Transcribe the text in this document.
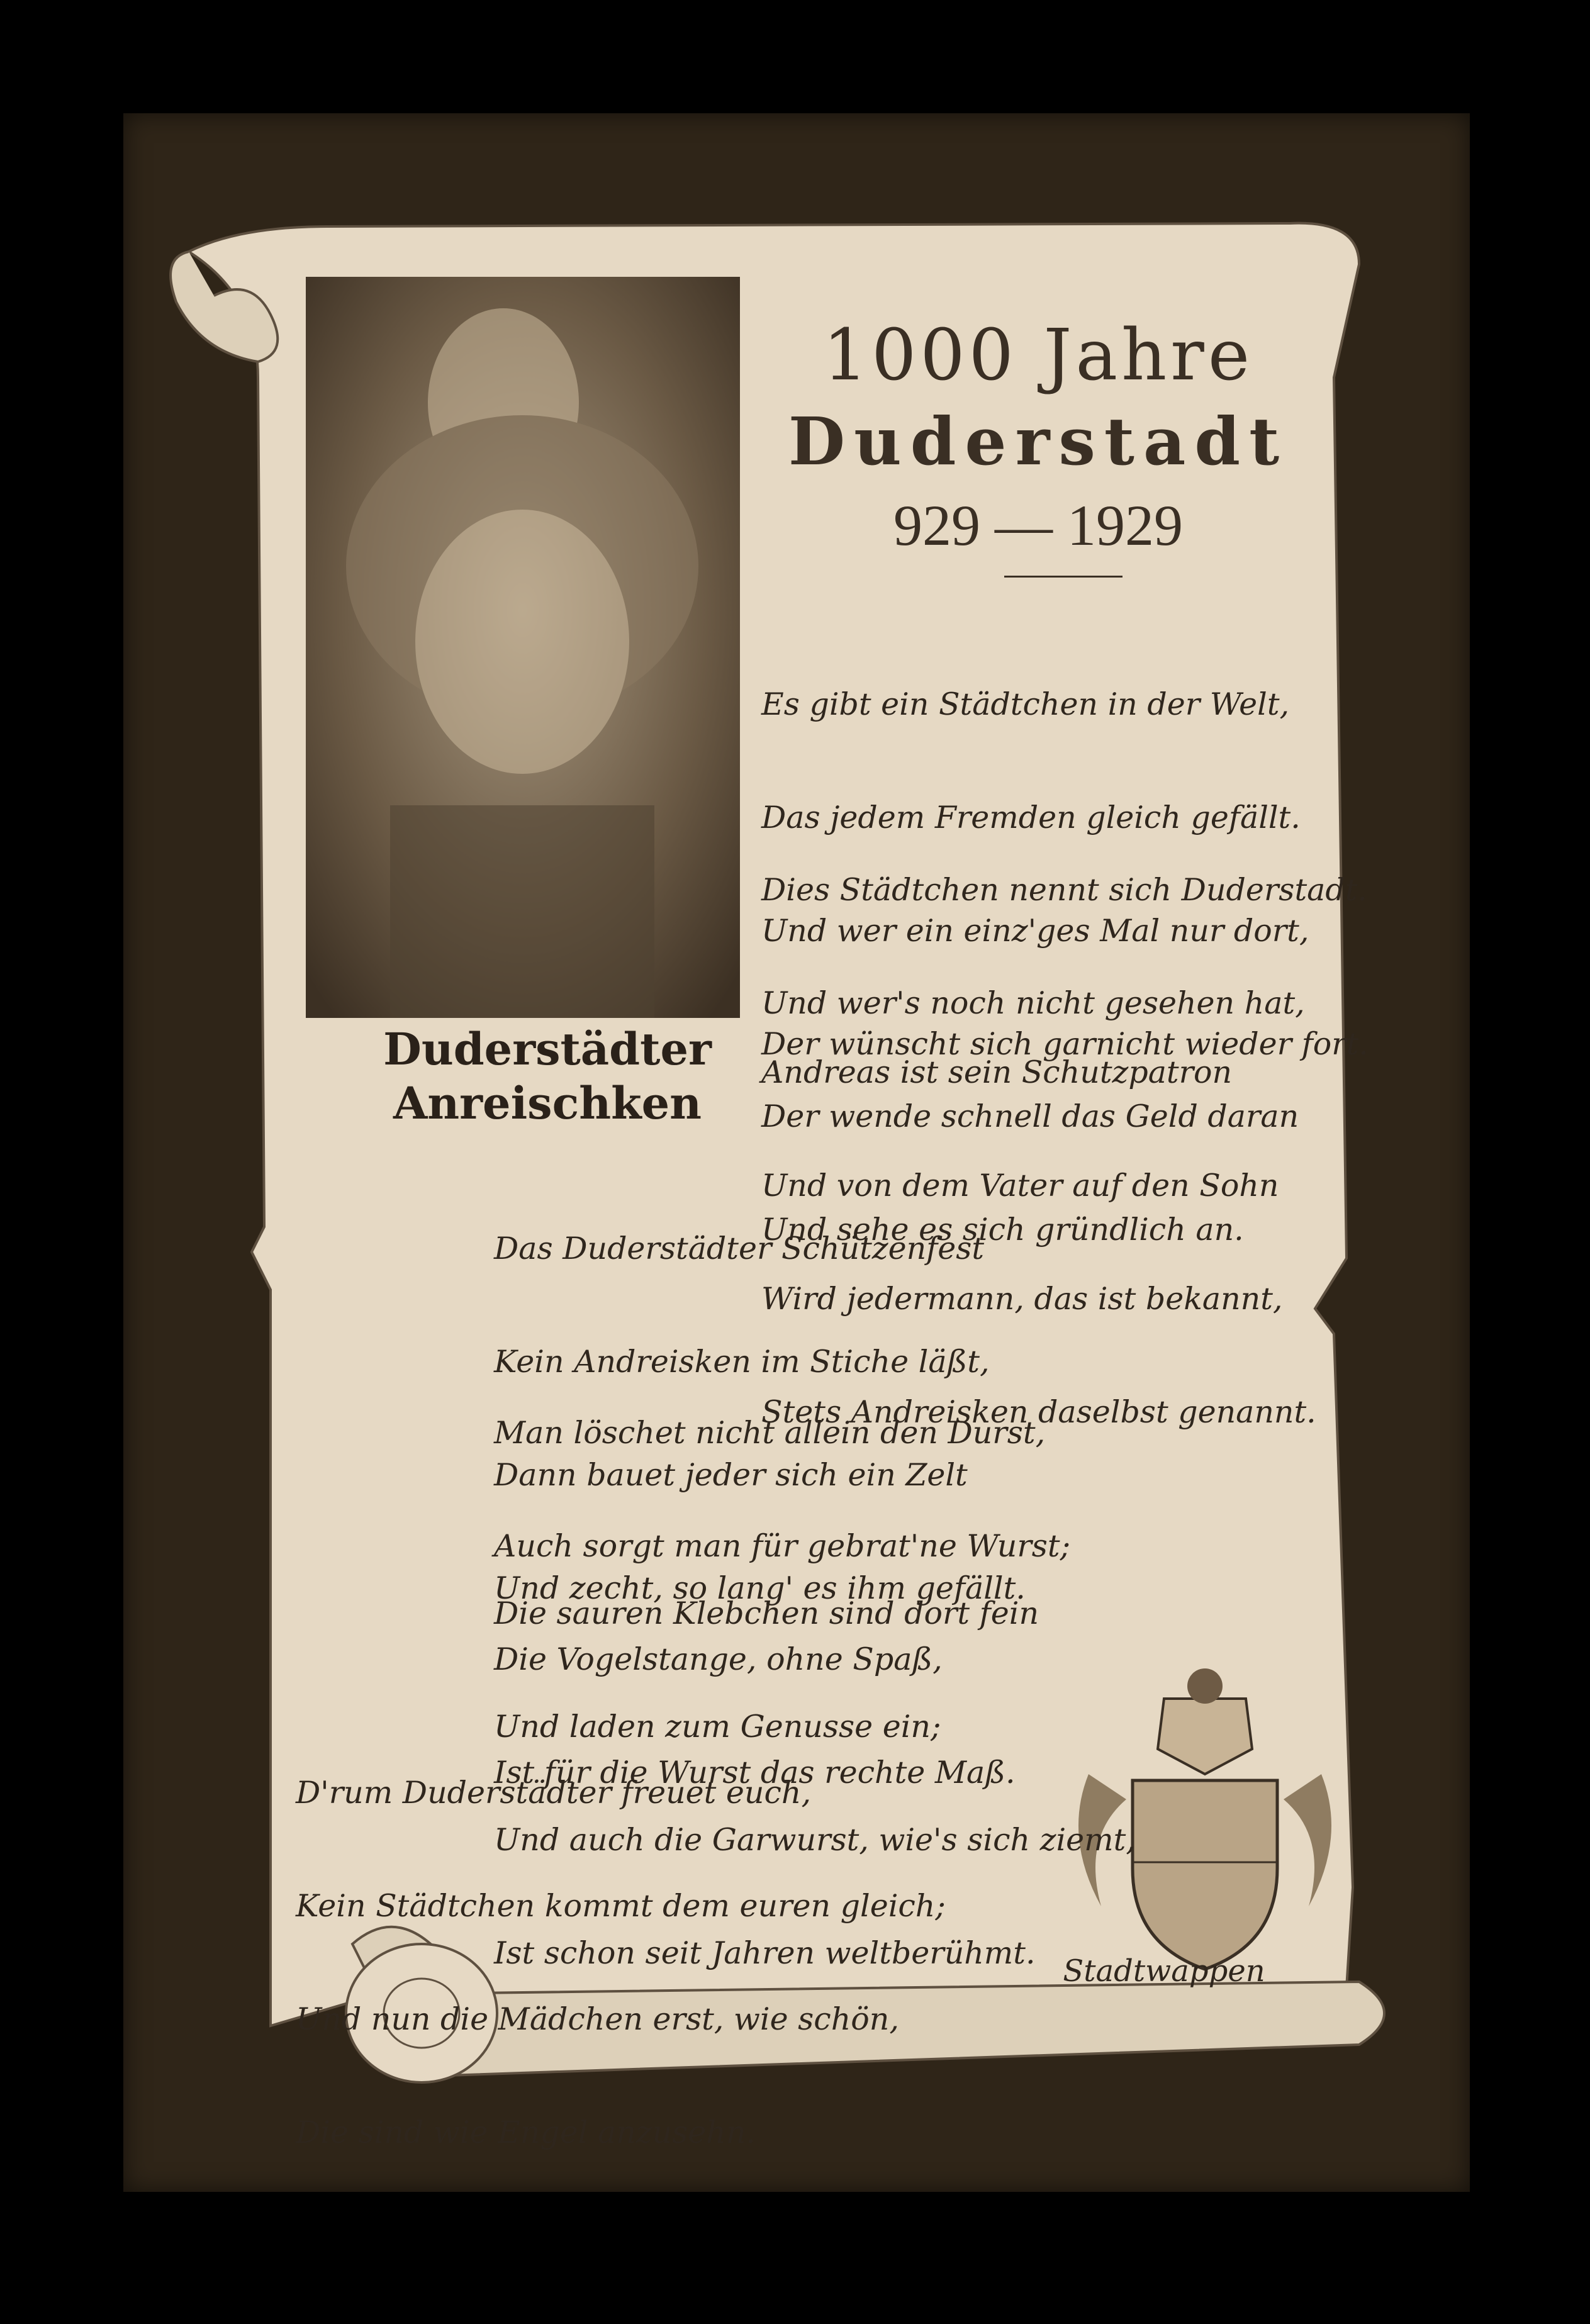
1000 Jahre
Duderstadt
929 — 1929
Duderstädter
Anreischken

Es gibt ein Städtchen in der Welt,

Das jedem Fremden gleich gefällt.

Und wer ein einz'ges Mal nur dort,

Der wünscht sich garnicht wieder fort.

Dies Städtchen nennt sich Duderstadt.

Und wer's noch nicht gesehen hat,

Der wende schnell das Geld daran

Und sehe es sich gründlich an.

Andreas ist sein Schutzpatron

Und von dem Vater auf den Sohn

Wird jedermann, das ist bekannt,

Stets Andreisken daselbst genannt.

Das Duderstädter Schützenfest

Kein Andreisken im Stiche läßt,

Dann bauet jeder sich ein Zelt

Und zecht, so lang' es ihm gefällt.

Man löschet nicht allein den Durst,

Auch sorgt man für gebrat'ne Wurst;

Die Vogelstange, ohne Spaß,

Ist für die Wurst das rechte Maß.

Die sauren Klebchen sind dort fein

Und laden zum Genusse ein;

Und auch die Garwurst, wie's sich ziemt,

Ist schon seit Jahren weltberühmt.

D'rum Duderstädter freuet euch,

Kein Städtchen kommt dem euren gleich;

Und nun die Mädchen erst, wie schön,

Die sind wie Engel anzusehn.

Stadtwappen
